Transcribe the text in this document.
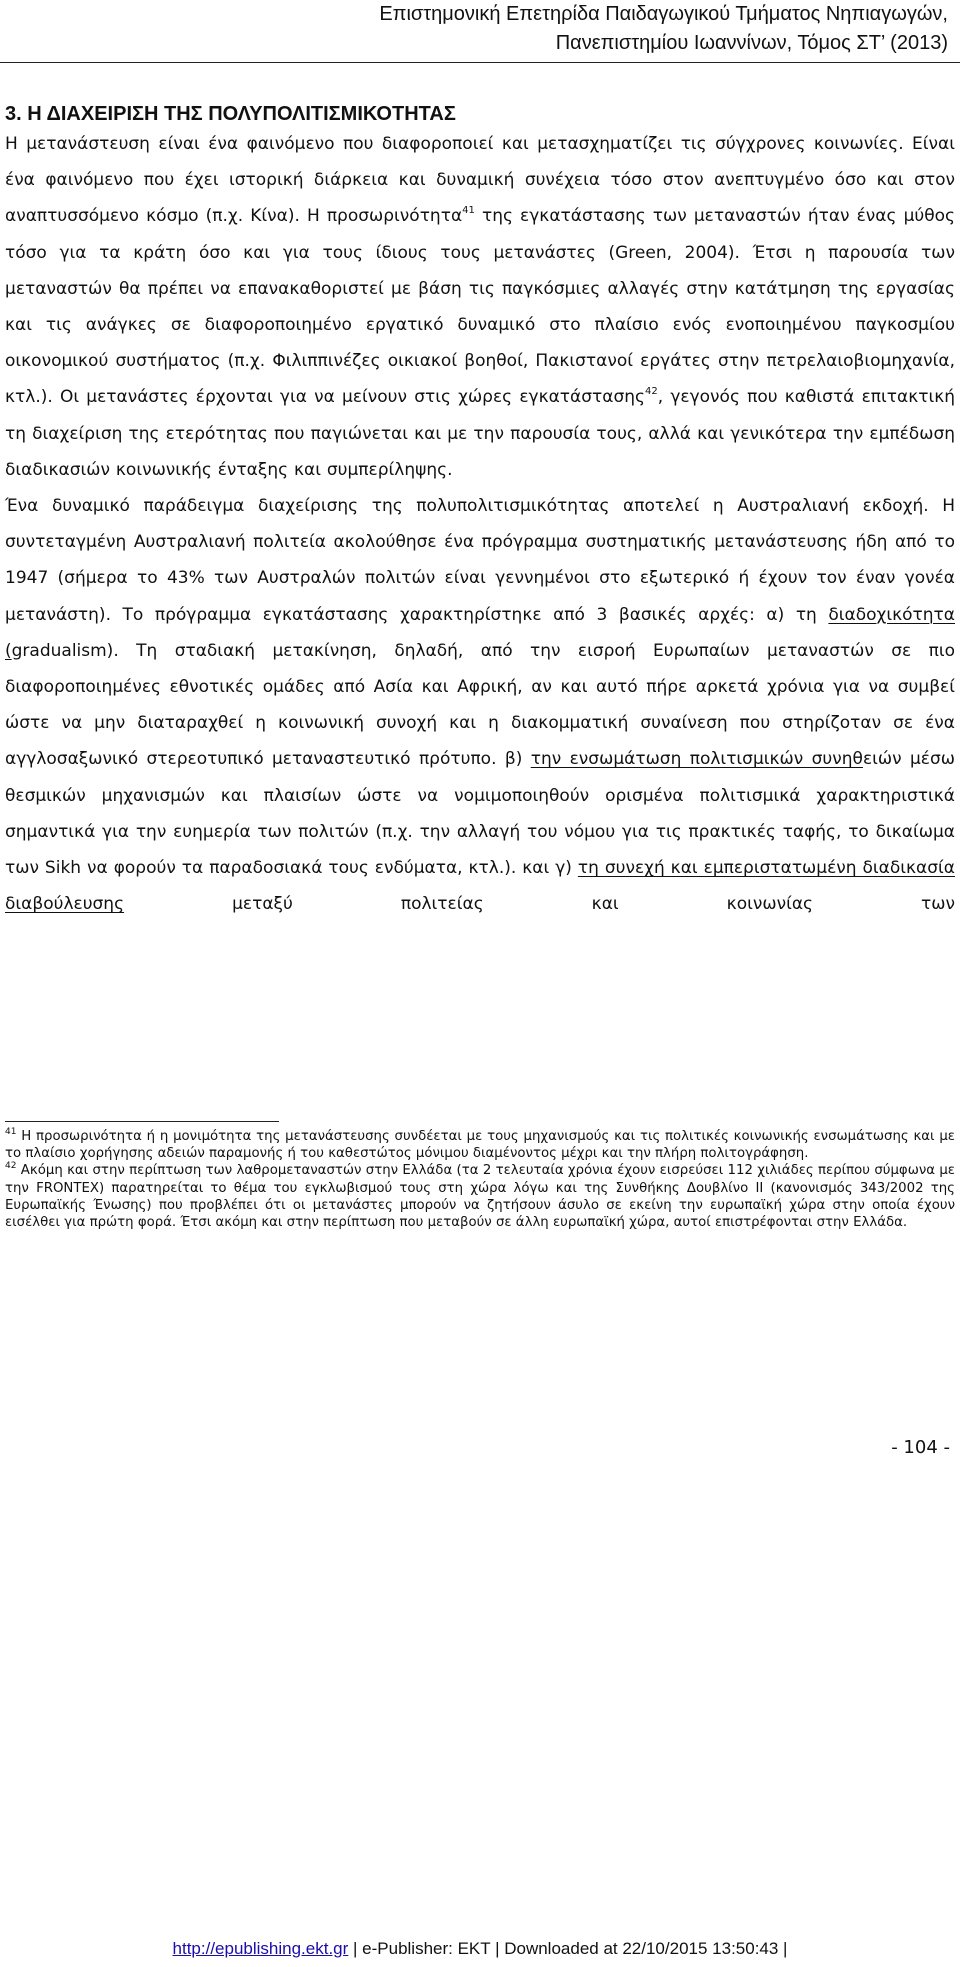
Επιστημονική Επετηρίδα Παιδαγωγικού Τμήματος Νηπιαγωγών,
Πανεπιστημίου Ιωαννίνων, Τόμος ΣΤ’ (2013)
3. Η ΔΙΑΧΕΙΡΙΣΗ ΤΗΣ ΠΟΛΥΠΟΛΙΤΙΣΜΙΚΟΤΗΤΑΣ

Η μετανάστευση είναι ένα φαινόμενο που διαφοροποιεί και μετασχηματίζει τις σύγχρονες κοινωνίες. Είναι ένα φαινόμενο που έχει ιστορική διάρκεια και δυναμική συνέχεια τόσο στον ανεπτυγμένο όσο και στον αναπτυσσόμενο κόσμο (π.χ. Κίνα). Η προσωρινότητα$^{41}$ της εγκατάστασης των μεταναστών ήταν ένας μύθος τόσο για τα κράτη όσο και για τους ίδιους τους μετανάστες (Green, 2004). Έτσι η παρουσία των μεταναστών θα πρέπει να επανακαθοριστεί με βάση τις παγκόσμιες αλλαγές στην κατάτμηση της εργασίας και τις ανάγκες σε διαφοροποιημένο εργατικό δυναμικό στο πλαίσιο ενός ενοποιημένου παγκοσμίου οικονομικού συστήματος (π.χ. Φιλιππινέζες οικιακοί βοηθοί, Πακιστανοί εργάτες στην πετρελαιοβιομηχανία, κτλ.). Οι μετανάστες έρχονται για να μείνουν στις χώρες εγκατάστασης$^{42}$, γεγονός που καθιστά επιτακτική τη διαχείριση της ετερότητας που παγιώνεται και με την παρουσία τους, αλλά και γενικότερα την εμπέδωση διαδικασιών κοινωνικής ένταξης και συμπερίληψης.

Ένα δυναμικό παράδειγμα διαχείρισης της πολυπολιτισμικότητας αποτελεί η Αυστραλιανή εκδοχή. Η συντεταγμένη Αυστραλιανή πολιτεία ακολούθησε ένα πρόγραμμα συστηματικής μετανάστευσης ήδη από το 1947 (σήμερα το 43% των Αυστραλών πολιτών είναι γεννημένοι στο εξωτερικό ή έχουν τον έναν γονέα μετανάστη). Το πρόγραμμα εγκατάστασης χαρακτηρίστηκε από 3 βασικές αρχές: α) τη διαδοχικότητα (gradualism). Τη σταδιακή μετακίνηση, δηλαδή, από την εισροή Ευρωπαίων μεταναστών σε πιο διαφοροποιημένες εθνοτικές ομάδες από Ασία και Αφρική, αν και αυτό πήρε αρκετά χρόνια για να συμβεί ώστε να μην διαταραχθεί η κοινωνική συνοχή και η διακομματική συναίνεση που στηρίζοταν σε ένα αγγλοσαξωνικό στερεοτυπικό μεταναστευτικό πρότυπο. β) την ενσωμάτωση πολιτισμικών συνηθειών μέσω θεσμικών μηχανισμών και πλαισίων ώστε να νομιμοποιηθούν ορισμένα πολιτισμικά χαρακτηριστικά σημαντικά για την ευημερία των πολιτών (π.χ. την αλλαγή του νόμου για τις πρακτικές ταφής, το δικαίωμα των Sikh να φορούν τα παραδοσιακά τους ενδύματα, κτλ.). και γ) τη συνεχή και εμπεριστατωμένη διαδικασία διαβούλευσης μεταξύ πολιτείας και κοινωνίας των

$^{41}$ Η προσωρινότητα ή η μονιμότητα της μετανάστευσης συνδέεται με τους μηχανισμούς και τις πολιτικές κοινωνικής ενσωμάτωσης και με το πλαίσιο χορήγησης αδειών παραμονής ή του καθεστώτος μόνιμου διαμένοντος μέχρι και την πλήρη πολιτογράφηση.

$^{42}$ Ακόμη και στην περίπτωση των λαθρομεταναστών στην Ελλάδα (τα 2 τελευταία χρόνια έχουν εισρεύσει 112 χιλιάδες περίπου σύμφωνα με την FRONTEX) παρατηρείται το θέμα του εγκλωβισμού τους στη χώρα λόγω και της Συνθήκης Δουβλίνο ΙΙ (κανονισμός 343/2002 της Ευρωπαϊκής Ένωσης) που προβλέπει ότι οι μετανάστες μπορούν να ζητήσουν άσυλο σε εκείνη την ευρωπαϊκή χώρα στην οποία έχουν εισέλθει για πρώτη φορά. Έτσι ακόμη και στην περίπτωση που μεταβούν σε άλλη ευρωπαϊκή χώρα, αυτοί επιστρέφονται στην Ελλάδα.

- 104 -
http://epublishing.ekt.gr | e-Publisher: EKT | Downloaded at 22/10/2015 13:50:43 |
